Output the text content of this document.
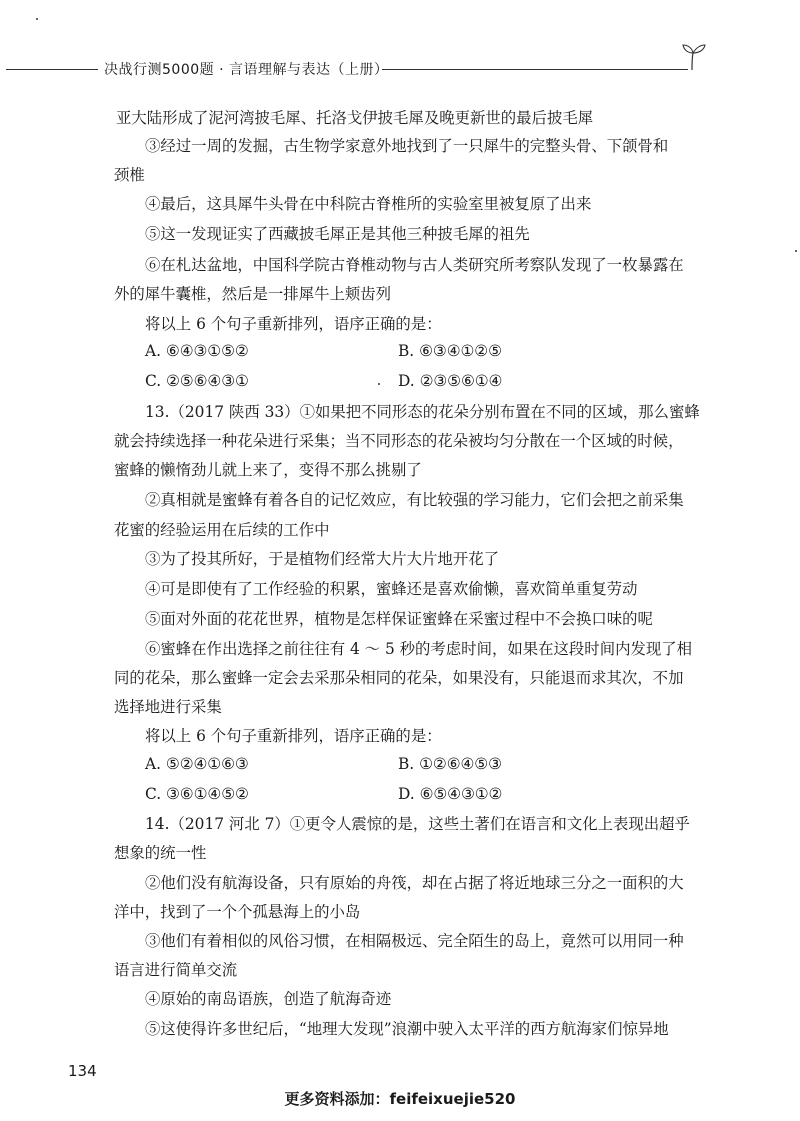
决战行测5000题 · 言语理解与表达（上册）
亚大陆形成了泥河湾披毛犀、托洛戈伊披毛犀及晚更新世的最后披毛犀
③经过一周的发掘，古生物学家意外地找到了一只犀牛的完整头骨、下颌骨和
颈椎
④最后，这具犀牛头骨在中科院古脊椎所的实验室里被复原了出来
⑤这一发现证实了西藏披毛犀正是其他三种披毛犀的祖先
⑥在札达盆地，中国科学院古脊椎动物与古人类研究所考察队发现了一枚暴露在
外的犀牛囊椎，然后是一排犀牛上颊齿列
将以上 6 个句子重新排列，语序正确的是：
A. ⑥④③①⑤②	B. ⑥③④①②⑤
C. ②⑤⑥④③①	D. ②③⑤⑥①④
13.（2017 陕西 33）①如果把不同形态的花朵分别布置在不同的区域，那么蜜蜂
就会持续选择一种花朵进行采集；当不同形态的花朵被均匀分散在一个区域的时候，
蜜蜂的懒惰劲儿就上来了，变得不那么挑剔了
②真相就是蜜蜂有着各自的记忆效应，有比较强的学习能力，它们会把之前采集
花蜜的经验运用在后续的工作中
③为了投其所好，于是植物们经常大片大片地开花了
④可是即使有了工作经验的积累，蜜蜂还是喜欢偷懒，喜欢简单重复劳动
⑤面对外面的花花世界，植物是怎样保证蜜蜂在采蜜过程中不会换口味的呢
⑥蜜蜂在作出选择之前往往有 4 ～ 5 秒的考虑时间，如果在这段时间内发现了相
同的花朵，那么蜜蜂一定会去采那朵相同的花朵，如果没有，只能退而求其次，不加
选择地进行采集
将以上 6 个句子重新排列，语序正确的是：
A. ⑤②④①⑥③	B. ①②⑥④⑤③
C. ③⑥①④⑤②	D. ⑥⑤④③①②
14.（2017 河北 7）①更令人震惊的是，这些土著们在语言和文化上表现出超乎
想象的统一性
②他们没有航海设备，只有原始的舟筏，却在占据了将近地球三分之一面积的大
洋中，找到了一个个孤悬海上的小岛
③他们有着相似的风俗习惯，在相隔极远、完全陌生的岛上，竟然可以用同一种
语言进行简单交流
④原始的南岛语族，创造了航海奇迹
⑤这使得许多世纪后，“地理大发现”浪潮中驶入太平洋的西方航海家们惊异地
134
更多资料添加：feifeixuejie520
